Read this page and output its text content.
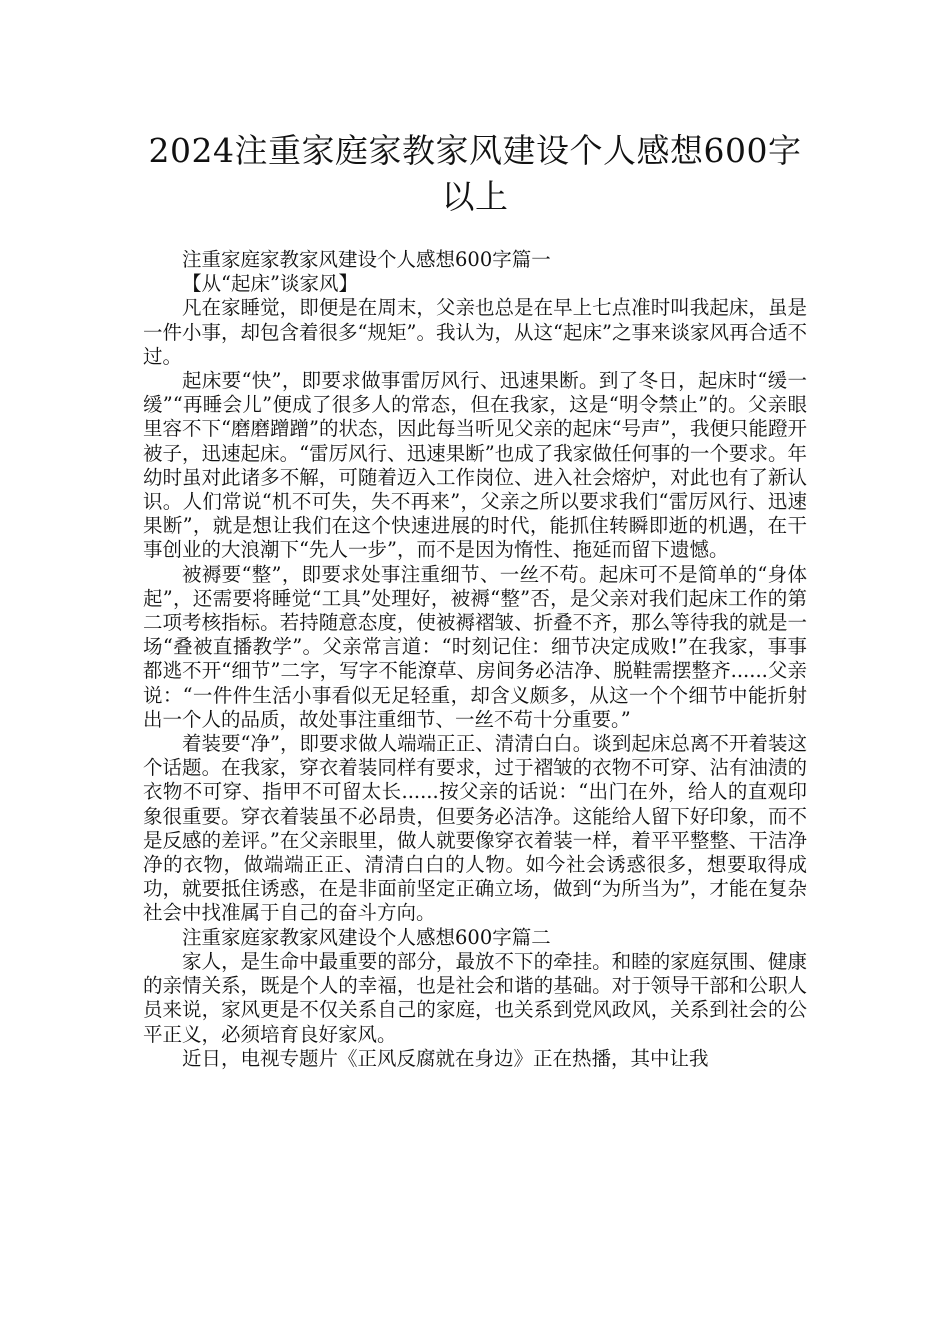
2024注重家庭家教家风建设个人感想600字以上

注重家庭家教家风建设个人感想600字篇一

【从“起床”谈家风】

凡在家睡觉，即便是在周末，父亲也总是在早上七点准时叫我起床，虽是一件小事，却包含着很多“规矩”。我认为，从这“起床”之事来谈家风再合适不过。

起床要“快”，即要求做事雷厉风行、迅速果断。到了冬日，起床时“缓一缓”“再睡会儿”便成了很多人的常态，但在我家，这是“明令禁止”的。父亲眼里容不下“磨磨蹭蹭”的状态，因此每当听见父亲的起床“号声”，我便只能蹬开被子，迅速起床。“雷厉风行、迅速果断”也成了我家做任何事的一个要求。年幼时虽对此诸多不解，可随着迈入工作岗位、进入社会熔炉，对此也有了新认识。人们常说“机不可失，失不再来”，父亲之所以要求我们“雷厉风行、迅速果断”，就是想让我们在这个快速进展的时代，能抓住转瞬即逝的机遇，在干事创业的大浪潮下“先人一步”，而不是因为惰性、拖延而留下遗憾。

被褥要“整”，即要求处事注重细节、一丝不苟。起床可不是简单的“身体起”，还需要将睡觉“工具”处理好，被褥“整”否，是父亲对我们起床工作的第二项考核指标。若持随意态度，使被褥褶皱、折叠不齐，那么等待我的就是一场“叠被直播教学”。父亲常言道：“时刻记住：细节决定成败!”在我家，事事都逃不开“细节”二字，写字不能潦草、房间务必洁净、脱鞋需摆整齐......父亲说：“一件件生活小事看似无足轻重，却含义颇多，从这一个个细节中能折射出一个人的品质，故处事注重细节、一丝不苟十分重要。”

着装要“净”，即要求做人端端正正、清清白白。谈到起床总离不开着装这个话题。在我家，穿衣着装同样有要求，过于褶皱的衣物不可穿、沾有油渍的衣物不可穿、指甲不可留太长......按父亲的话说：“出门在外，给人的直观印象很重要。穿衣着装虽不必昂贵，但要务必洁净。这能给人留下好印象，而不是反感的差评。”在父亲眼里，做人就要像穿衣着装一样，着平平整整、干洁净净的衣物，做端端正正、清清白白的人物。如今社会诱惑很多，想要取得成功，就要抵住诱惑，在是非面前坚定正确立场，做到“为所当为”，才能在复杂社会中找准属于自己的奋斗方向。

注重家庭家教家风建设个人感想600字篇二

家人，是生命中最重要的部分，最放不下的牵挂。和睦的家庭氛围、健康的亲情关系，既是个人的幸福，也是社会和谐的基础。对于领导干部和公职人员来说，家风更是不仅关系自己的家庭，也关系到党风政风，关系到社会的公平正义，必须培育良好家风。

近日，电视专题片《正风反腐就在身边》正在热播，其中让我
